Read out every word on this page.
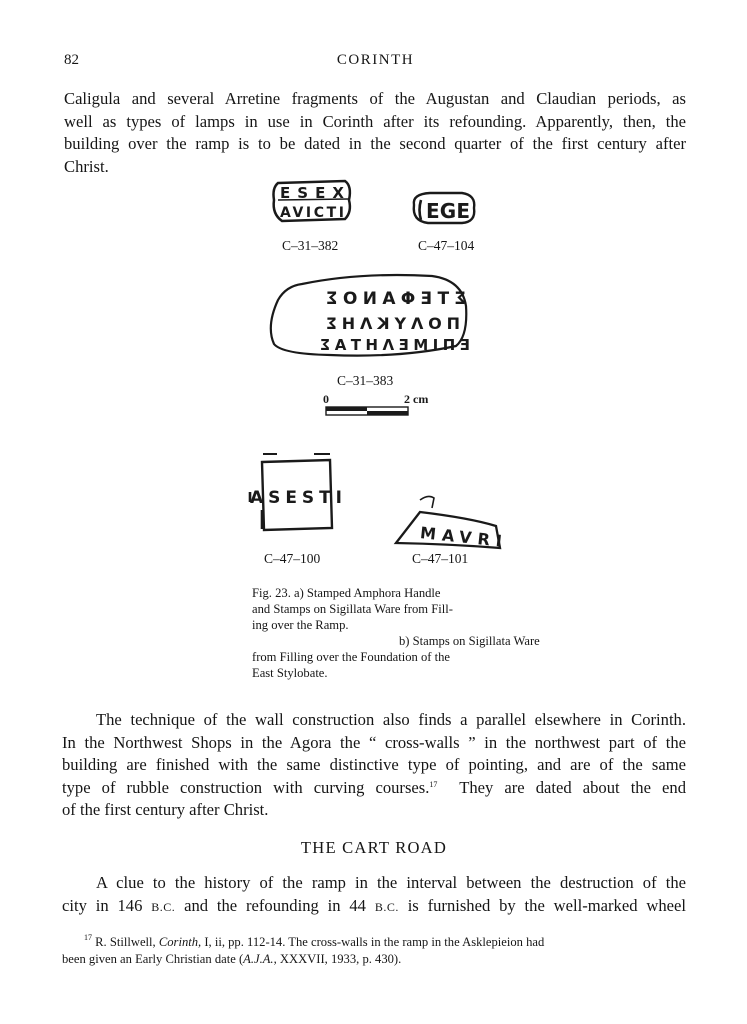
82	CORINTH
Caligula and several Arretine fragments of the Augustan and Claudian periods, as
well as types of lamps in use in Corinth after its refounding. Apparently, then, the
building over the ramp is to be dated in the second quarter of the first century after
Christ.
ESEX
AVICTI	EGE
ΣΤΕΦΑΝΟΣ
ΠΟΛΥΚΛΗΣ
ΕΠΙΜΕΛΗΤΑΣ
0	2 cm
ASESTI
MAVRI
C–31–382	C–47–104
C–31–383
C–47–100	C–47–101
Fig. 23. a) Stamped Amphora Handle
and Stamps on Sigillata Ware from Fill-
ing over the Ramp.
b) Stamps on Sigillata Ware
from Filling over the Foundation of the
East Stylobate.
The technique of the wall construction also finds a parallel elsewhere in Corinth.
In the Northwest Shops in the Agora the “ cross-walls ” in the northwest part of the
building are finished with the same distinctive type of pointing, and are of the same
type of rubble construction with curving courses.$^{17}$ They are dated about the end
of the first century after Christ.
THE CART ROAD
A clue to the history of the ramp in the interval between the destruction of the
city in 146 B.C. and the refounding in 44 B.C. is furnished by the well-marked wheel
$^{17}$ R. Stillwell, Corinth, I, ii, pp. 112-14. The cross-walls in the ramp in the Asklepieion had
been given an Early Christian date (A.J.A., XXXVII, 1933, p. 430).
